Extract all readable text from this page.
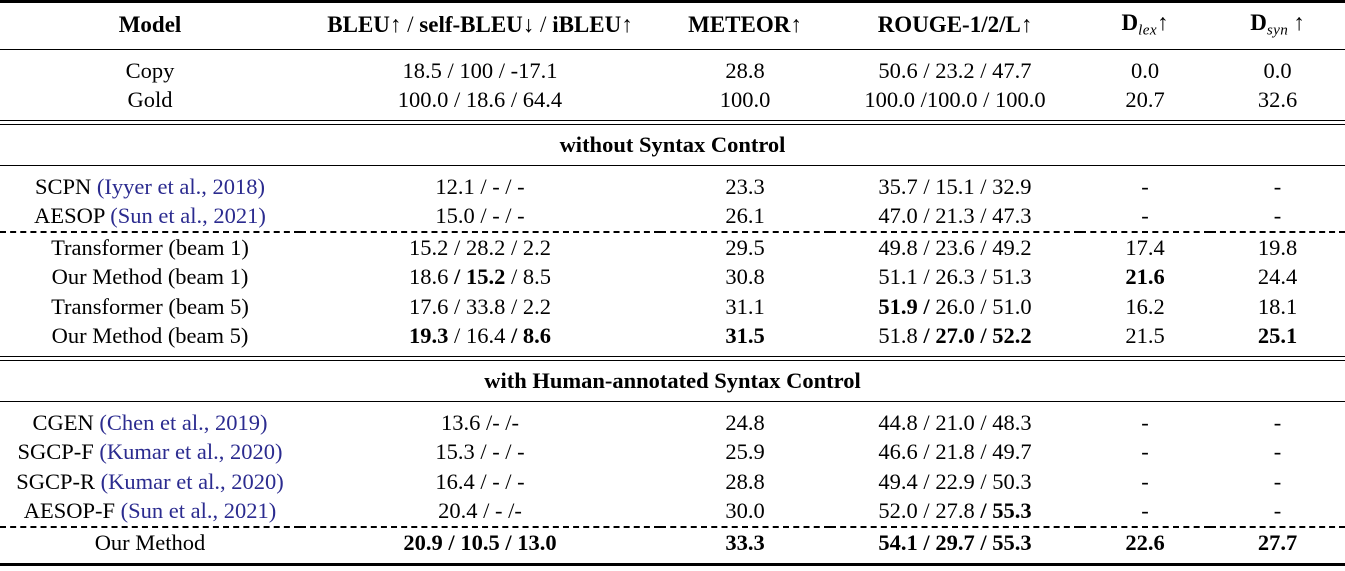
Model	BLEU↑ / self-BLEU↓ / iBLEU↑	METEOR↑	ROUGE-1/2/L↑	Dlex↑	Dsyn ↑

Copy	18.5 / 100 / -17.1	28.8	50.6 / 23.2 / 47.7	0.0	0.0
Gold	100.0 / 18.6 / 64.4	100.0	100.0 /100.0 / 100.0	20.7	32.6

without Syntax Control					

SCPN (Iyyer et al., 2018)	12.1 / - / -	23.3	35.7 / 15.1 / 32.9	-	-
AESOP (Sun et al., 2021)	15.0 / - / -	26.1	47.0 / 21.3 / 47.3	-	-

Transformer (beam 1)	15.2 / 28.2 / 2.2	29.5	49.8 / 23.6 / 49.2	17.4	19.8
Our Method (beam 1)	18.6 / 15.2 / 8.5	30.8	51.1 / 26.3 / 51.3	21.6	24.4
Transformer (beam 5)	17.6 / 33.8 / 2.2	31.1	51.9 / 26.0 / 51.0	16.2	18.1
Our Method (beam 5)	19.3 / 16.4 / 8.6	31.5	51.8 / 27.0 / 52.2	21.5	25.1

with Human-annotated Syntax Control					

CGEN (Chen et al., 2019)	13.6 /- /-	24.8	44.8 / 21.0 / 48.3	-	-
SGCP-F (Kumar et al., 2020)	15.3 / - / -	25.9	46.6 / 21.8 / 49.7	-	-
SGCP-R (Kumar et al., 2020)	16.4 / - / -	28.8	49.4 / 22.9 / 50.3	-	-
AESOP-F (Sun et al., 2021)	20.4 / - /-	30.0	52.0 / 27.8 / 55.3	-	-

Our Method	20.9 / 10.5 / 13.0	33.3	54.1 / 29.7 / 55.3	22.6	27.7
